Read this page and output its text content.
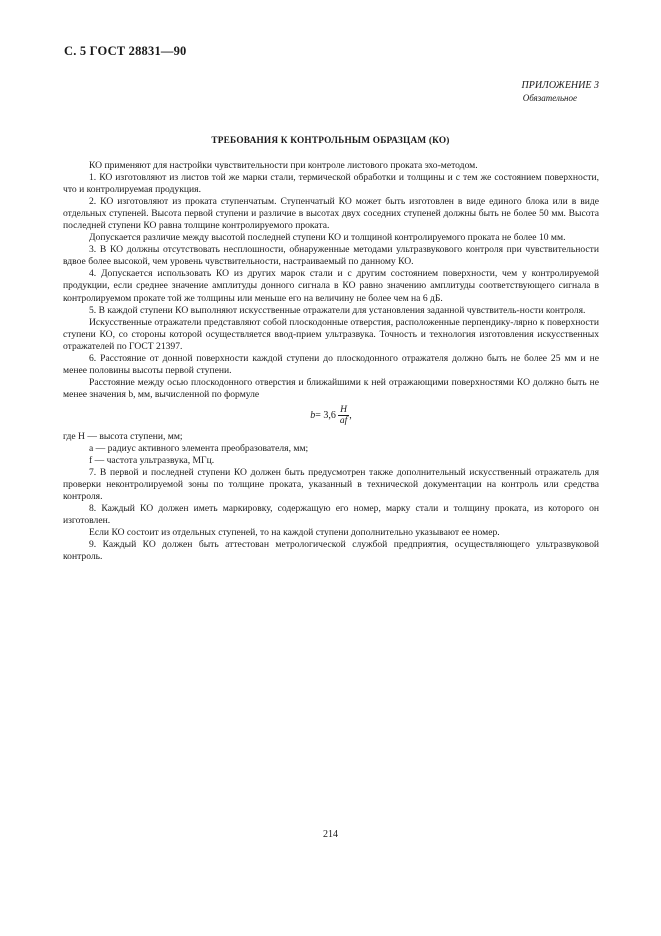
С. 5 ГОСТ 28831—90
ПРИЛОЖЕНИЕ 3
Обязательное
ТРЕБОВАНИЯ К КОНТРОЛЬНЫМ ОБРАЗЦАМ (КО)

КО применяют для настройки чувствительности при контроле листового проката эхо-методом.

1. КО изготовляют из листов той же марки стали, термической обработки и толщины и с тем же состоянием поверхности, что и контролируемая продукция.

2. КО изготовляют из проката ступенчатым. Ступенчатый КО может быть изготовлен в виде единого блока или в виде отдельных ступеней. Высота первой ступени и различие в высотах двух соседних ступеней должны быть не более 50 мм. Высота последней ступени КО равна толщине контролируемого проката.

Допускается различие между высотой последней ступени КО и толщиной контролируемого проката не более 10 мм.

3. В КО должны отсутствовать несплошности, обнаруженные методами ультразвукового контроля при чувствительности вдвое более высокой, чем уровень чувствительности, настраиваемый по данному КО.

4. Допускается использовать КО из других марок стали и с другим состоянием поверхности, чем у контролируемой продукции, если среднее значение амплитуды донного сигнала в КО равно значению амплитуды соответствующего сигнала в контролируемом прокате той же толщины или меньше его на величину не более чем на 6 дБ.

5. В каждой ступени КО выполняют искусственные отражатели для установления заданной чувствитель-ности контроля.

Искусственные отражатели представляют собой плоскодонные отверстия, расположенные перпендику-лярно к поверхности ступени КО, со стороны которой осуществляется ввод-прием ультразвука. Точность и технология изготовления искусственных отражателей по ГОСТ 21397.

6. Расстояние от донной поверхности каждой ступени до плоскодонного отражателя должно быть не более 25 мм и не менее половины высоты первой ступени.

Расстояние между осью плоскодонного отверстия и ближайшими к ней отражающими поверхностями КО должно быть не менее значения b, мм, вычисленной по формуле

$b = 3,6 \frac{H}{af}$ ,

где H — высота ступени, мм;

a — радиус активного элемента преобразователя, мм;

f — частота ультразвука, МГц.

7. В первой и последней ступени КО должен быть предусмотрен также дополнительный искусственный отражатель для проверки неконтролируемой зоны по толщине проката, указанный в технической документации на контроль или средства контроля.

8. Каждый КО должен иметь маркировку, содержащую его номер, марку стали и толщину проката, из которого он изготовлен.

Если КО состоит из отдельных ступеней, то на каждой ступени дополнительно указывают ее номер.

9. Каждый КО должен быть аттестован метрологической службой предприятия, осуществляющего ультразвуковой контроль.

214
